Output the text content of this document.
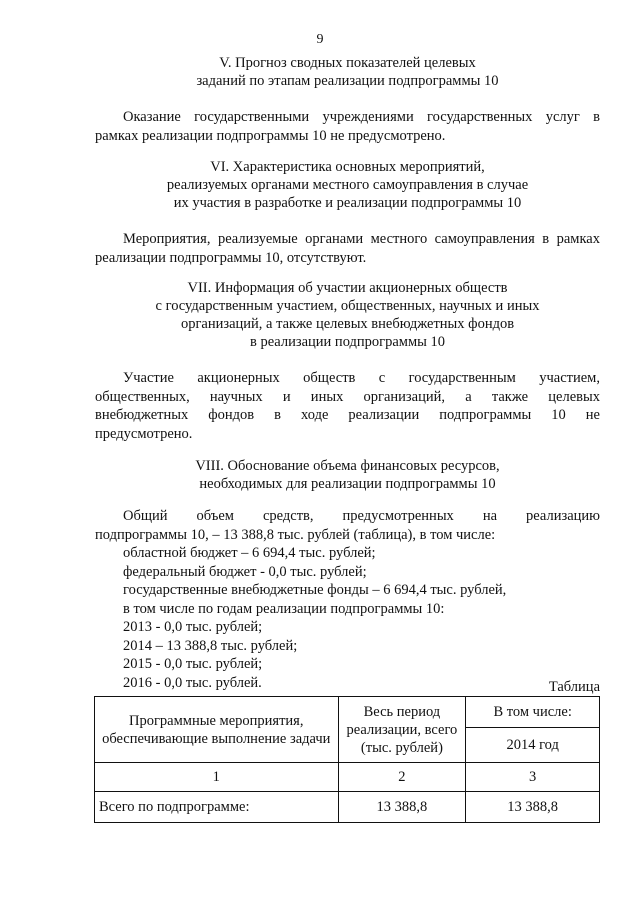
9
V. Прогноз сводных показателей целевых
заданий по этапам реализации подпрограммы 10
Оказание государственными учреждениями государственных услуг в
рамках реализации подпрограммы 10 не предусмотрено.
VI. Характеристика основных мероприятий,
реализуемых органами местного самоуправления в случае
их участия в разработке и реализации подпрограммы 10
Мероприятия, реализуемые органами местного самоуправления в рамках
реализации подпрограммы 10, отсутствуют.
VII. Информация об участии акционерных обществ
с государственным участием, общественных, научных и иных
организаций, а также целевых внебюджетных фондов
в реализации подпрограммы 10
Участие акционерных обществ с государственным участием,
общественных, научных и иных организаций, а также целевых
внебюджетных фондов в ходе реализации подпрограммы 10 не
предусмотрено.
VIII. Обоснование объема финансовых ресурсов,
необходимых для реализации подпрограммы 10
Общий объем средств, предусмотренных на реализацию
подпрограммы 10, – 13 388,8 тыс. рублей (таблица), в том числе:
областной бюджет – 6 694,4 тыс. рублей;
федеральный бюджет - 0,0 тыс. рублей;
государственные внебюджетные фонды – 6 694,4 тыс. рублей,
в том числе по годам реализации подпрограммы 10:
2013 - 0,0 тыс. рублей;
2014 – 13 388,8 тыс. рублей;
2015 - 0,0 тыс. рублей;
2016 - 0,0 тыс. рублей.	Таблица
Программные мероприятия, обеспечивающие выполнение задачи	Весь период реализации, всего (тыс. рублей)	В том числе:
		2014 год
1	2	3
Всего по подпрограмме:	13 388,8	13 388,8
